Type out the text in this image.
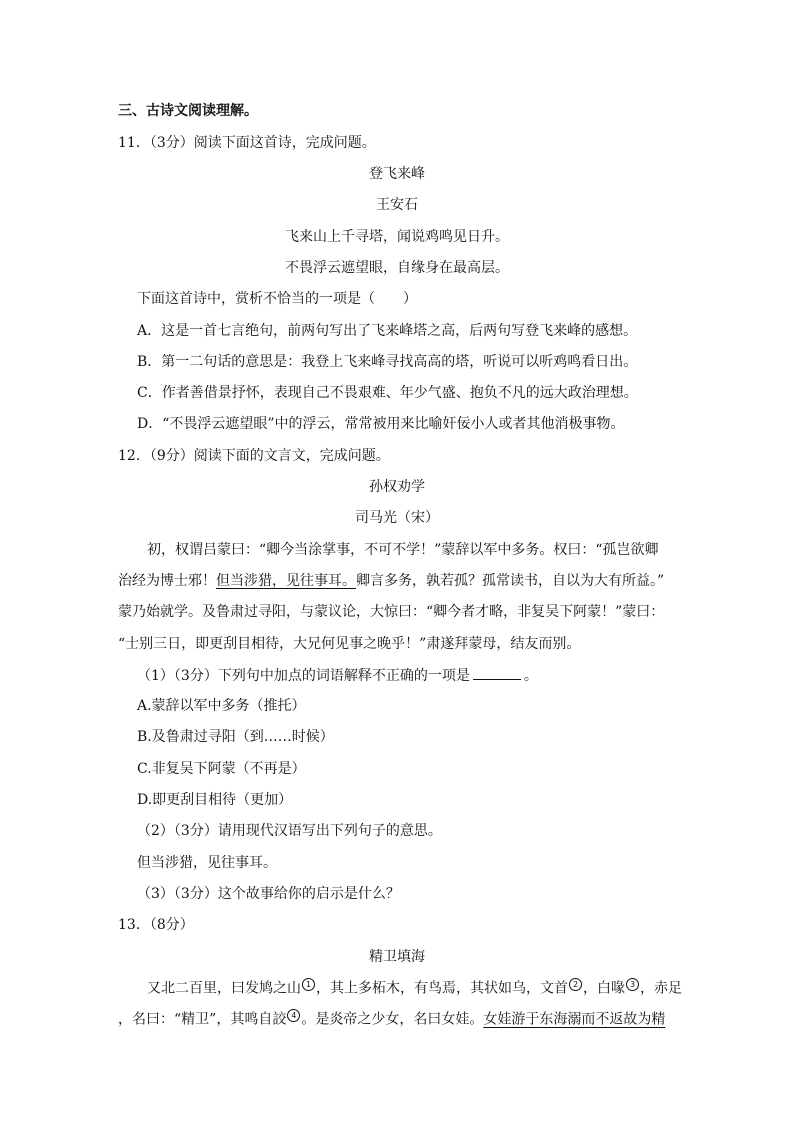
三、古诗文阅读理解。
11．（3分）阅读下面这首诗，完成问题。
登飞来峰
王安石
飞来山上千寻塔，闻说鸡鸣见日升。
不畏浮云遮望眼，自缘身在最高层。
下面这首诗中，赏析不恰当的一项是（　　）
A．这是一首七言绝句，前两句写出了飞来峰塔之高，后两句写登飞来峰的感想。
B．第一二句话的意思是：我登上飞来峰寻找高高的塔，听说可以听鸡鸣看日出。
C．作者善借景抒怀，表现自己不畏艰难、年少气盛、抱负不凡的远大政治理想。
D．“不畏浮云遮望眼”中的浮云，常常被用来比喻奸佞小人或者其他消极事物。
12．（9分）阅读下面的文言文，完成问题。
孙权劝学
司马光（宋）
初，权谓吕蒙曰：“卿今当涂掌事，不可不学！”蒙辞以军中多务。权曰：“孤岂欲卿
治经为博士邪！但当涉猎，见往事耳。卿言多务，孰若孤？孤常读书，自以为大有所益。”
蒙乃始就学。及鲁肃过寻阳，与蒙议论，大惊曰：“卿今者才略，非复吴下阿蒙！”蒙曰：
“士别三日，即更刮目相待，大兄何见事之晚乎！”肃遂拜蒙母，结友而别。
（1）（3分）下列句中加点的词语解释不正确的一项是	。
A.蒙辞以军中多务（推托）
B.及鲁肃过寻阳（到……时候）
C.非复吴下阿蒙（不再是）
D.即更刮目相待（更加）
（2）（3分）请用现代汉语写出下列句子的意思。
但当涉猎，见往事耳。
（3）（3分）这个故事给你的启示是什么？
13．（8分）
精卫填海
又北二百里，曰发鸠之山 1 ，其上多柘木，有鸟焉，其状如乌，文首 2 ，白喙 3 ，赤足
，名曰：“精卫”，其鸣自詨 4 。是炎帝之少女，名曰女娃。女娃游于东海溺而不返故为精
